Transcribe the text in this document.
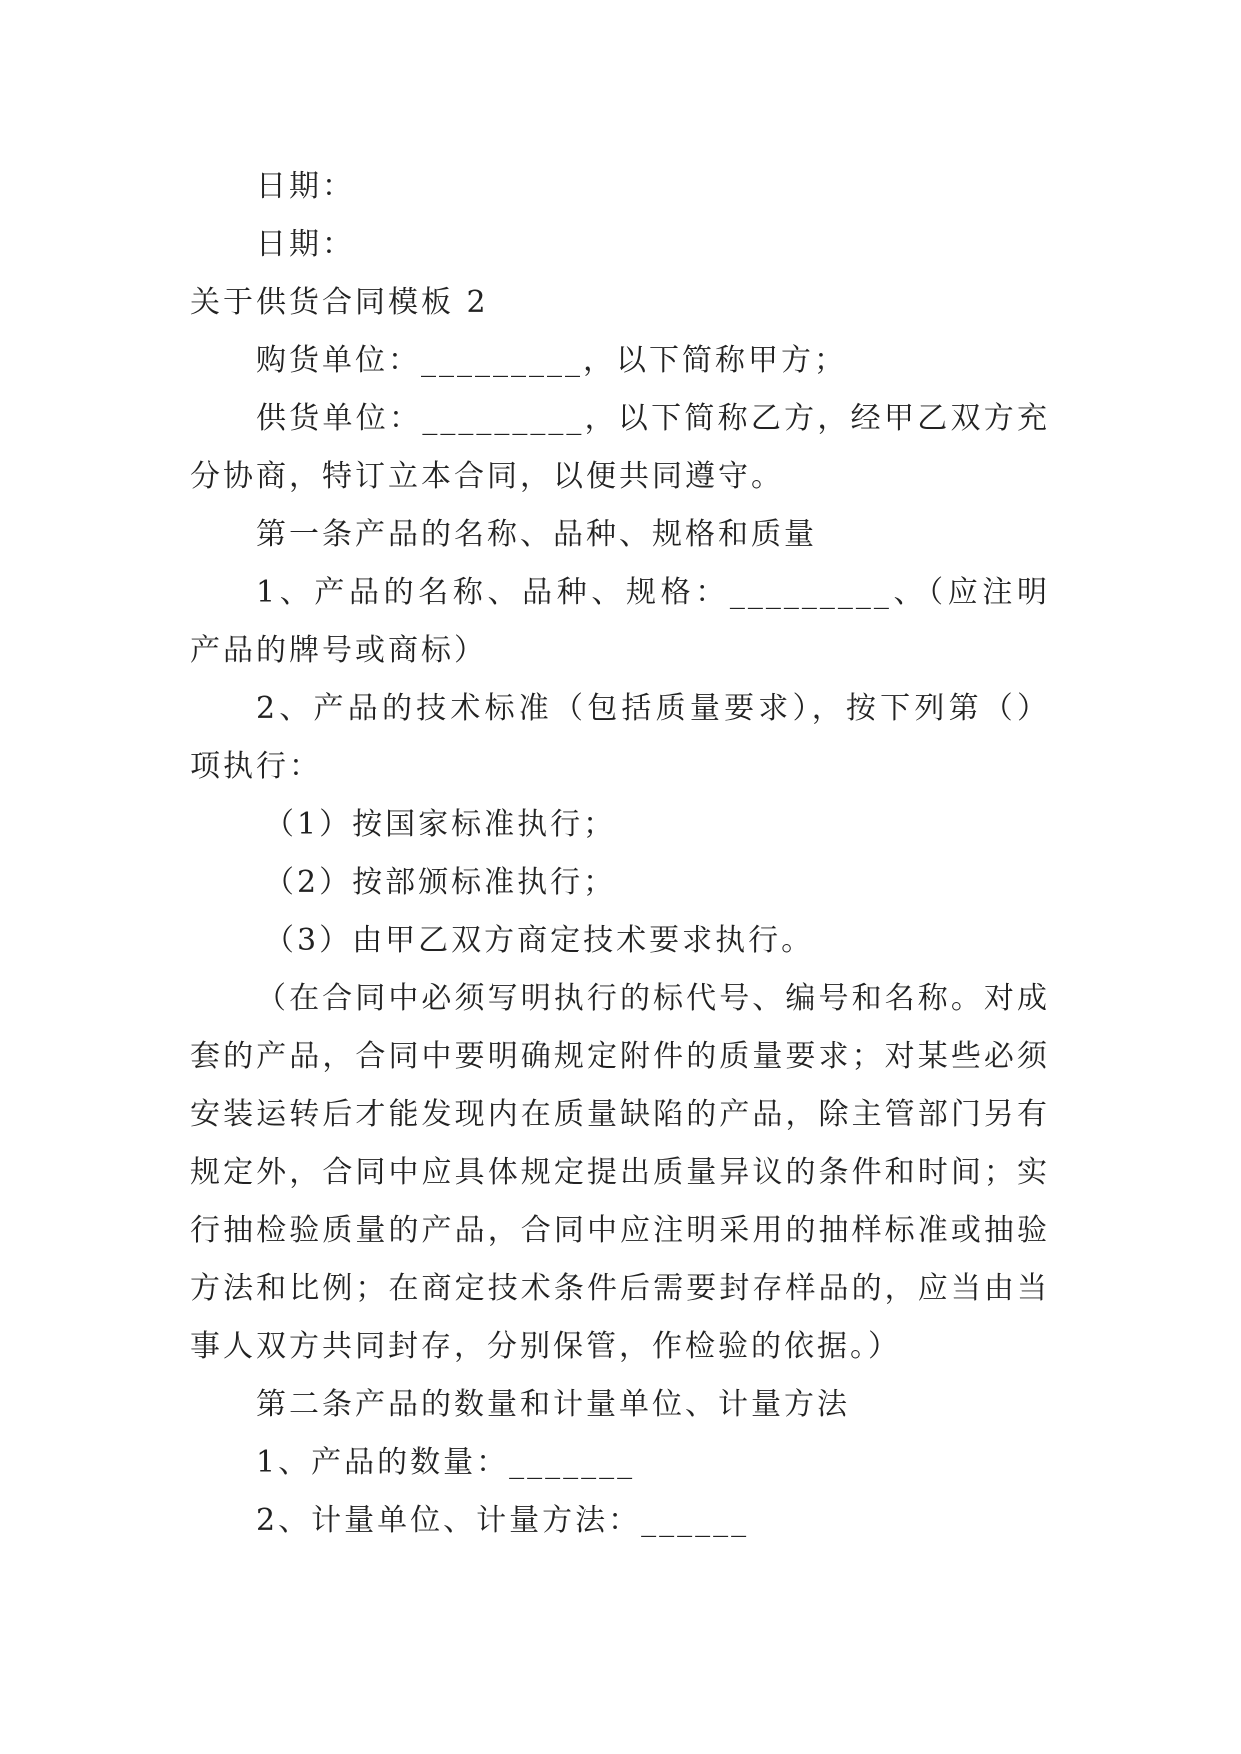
日期：

日期：

关于供货合同模板 2

购货单位：_________，以下简称甲方；

供货单位：_________，以下简称乙方，经甲乙双方充分协商，特订立本合同，以便共同遵守。

第一条产品的名称、品种、规格和质量

1、产品的名称、品种、规格：_________、（应注明产品的牌号或商标）

2、产品的技术标准（包括质量要求），按下列第（）项执行：

（1）按国家标准执行；

（2）按部颁标准执行；

（3）由甲乙双方商定技术要求执行。

（在合同中必须写明执行的标代号、编号和名称。对成套的产品，合同中要明确规定附件的质量要求；对某些必须安装运转后才能发现内在质量缺陷的产品，除主管部门另有规定外，合同中应具体规定提出质量异议的条件和时间；实行抽检验质量的产品，合同中应注明采用的抽样标准或抽验方法和比例；在商定技术条件后需要封存样品的，应当由当事人双方共同封存，分别保管，作检验的依据。）

第二条产品的数量和计量单位、计量方法

1、产品的数量：_______

2、计量单位、计量方法：______
